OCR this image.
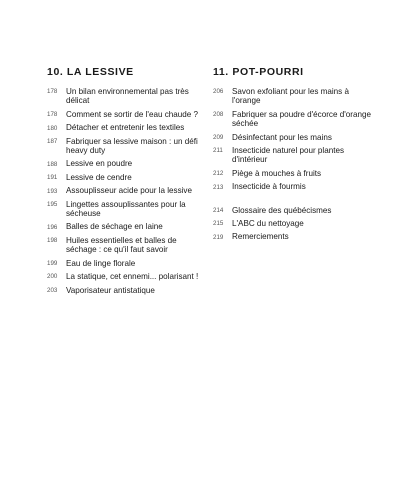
10. LA LESSIVE
178	Un bilan environnemental pas très délicat
178	Comment se sortir de l'eau chaude ?
180	Détacher et entretenir les textiles
187	Fabriquer sa lessive maison : un défi heavy duty
188	Lessive en poudre
191	Lessive de cendre
193	Assouplisseur acide pour la lessive
195	Lingettes assouplissantes pour la sécheuse
196	Balles de séchage en laine
198	Huiles essentielles et balles de séchage : ce qu'il faut savoir
199	Eau de linge florale
200	La statique, cet ennemi... polarisant !
203	Vaporisateur antistatique
11. POT-POURRI
206	Savon exfoliant pour les mains à l'orange
208	Fabriquer sa poudre d'écorce d'orange séchée
209	Désinfectant pour les mains
211	Insecticide naturel pour plantes d'intérieur
212	Piège à mouches à fruits
213	Insecticide à fourmis
214	Glossaire des québécismes
215	L'ABC du nettoyage
219	Remerciements
